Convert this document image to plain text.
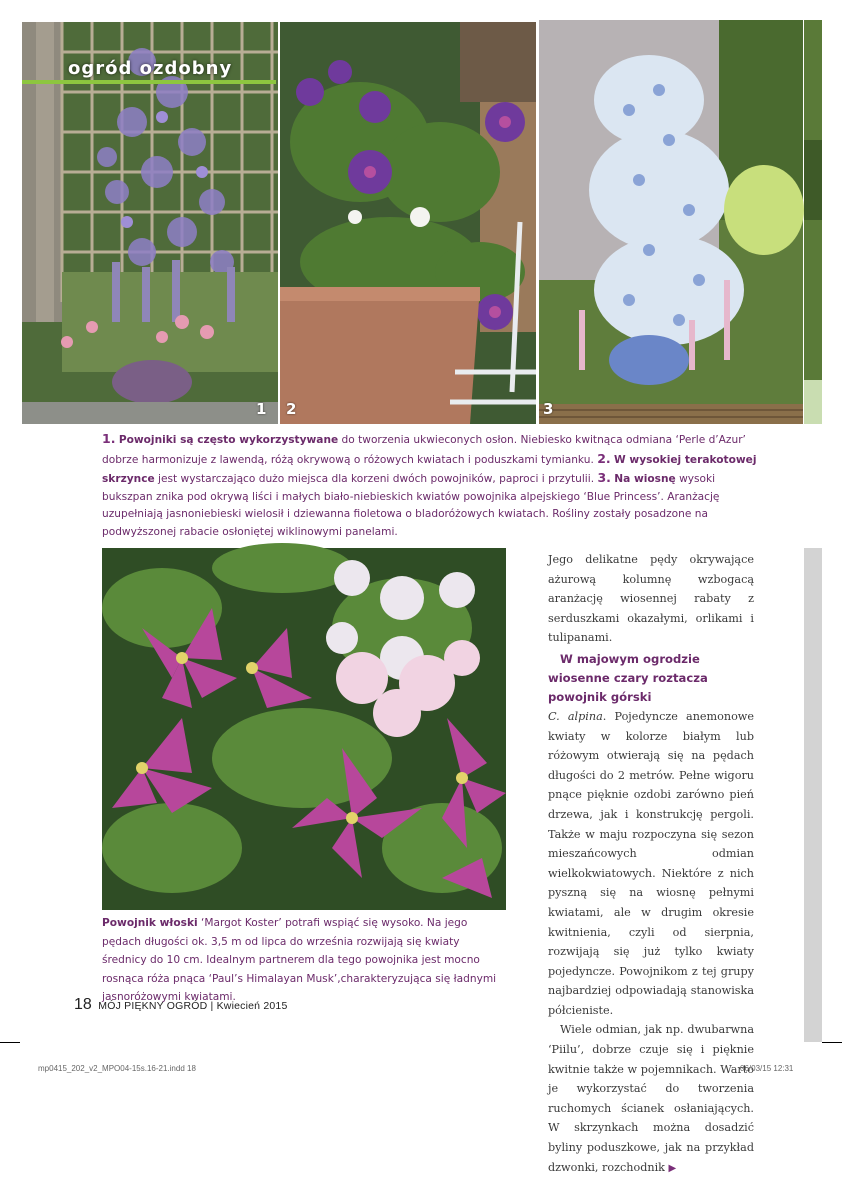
1 2	3
ogród ozdobny
1. Powojniki są często wykorzystywane do tworzenia ukwieconych osłon. Niebiesko kwitnąca odmiana ‘Perle d’Azur’ dobrze harmonizuje z lawendą, różą okrywową o różowych kwiatach i poduszkami tymianku. 2. W wysokiej terakotowej skrzynce jest wystarczająco dużo miejsca dla korzeni dwóch powojników, paproci i przytulii. 3. Na wiosnę wysoki bukszpan znika pod okrywą liści i małych biało-niebieskich kwiatów powojnika alpejskiego ‘Blue Princess’. Aranżację uzupełniają jasnoniebieski wielosił i dziewanna fioletowa o bladoróżowych kwiatach. Rośliny zostały posadzone na podwyższonej rabacie osłoniętej wiklinowymi panelami.
Powojnik włoski ‘Margot Koster’ potrafi wspiąć się wysoko. Na jego pędach długości ok. 3,5 m od lipca do września rozwijają się kwiaty średnicy do 10 cm. Idealnym partnerem dla tego powojnika jest mocno rosnąca róża pnąca ‘Paul’s Himalayan Musk’,charakteryzująca się ładnymi jasnoróżowymi kwiatami.

Jego delikatne pędy okrywające ażurową kolumnę wzbogacą aranżację wiosennej rabaty z serduszkami okazałymi, orlikami i tulipanami.

W majowym ogrodzie wiosenne czary roztacza powojnik górski

C. alpina. Pojedyncze anemonowe kwiaty w kolorze białym lub różowym otwierają się na pędach długości do 2 metrów. Pełne wigoru pnące pięknie ozdobi zarówno pień drzewa, jak i konstrukcję pergoli. Także w maju rozpoczyna się sezon mieszańcowych odmian wielkokwiatowych. Niektóre z nich pyszną się na wiosnę pełnymi kwiatami, ale w drugim okresie kwitnienia, czyli od sierpnia, rozwijają się już tylko kwiaty pojedyncze. Powojnikom z tej grupy najbardziej odpowiadają stanowiska półcieniste.

Wiele odmian, jak np. dwubarwna ‘Piilu’, dobrze czuje się i pięknie kwitnie także w pojemnikach. Warto je wykorzystać do tworzenia ruchomych ścianek osłaniających. W skrzynkach można dosadzić byliny poduszkowe, jak na przykład dzwonki, rozchodnik ▶

18 MÓJ PIĘKNY OGRÓD | Kwiecień 2015
mp0415_202_v2_MPO04-15s.16-21.indd 18	06/03/15 12:31
